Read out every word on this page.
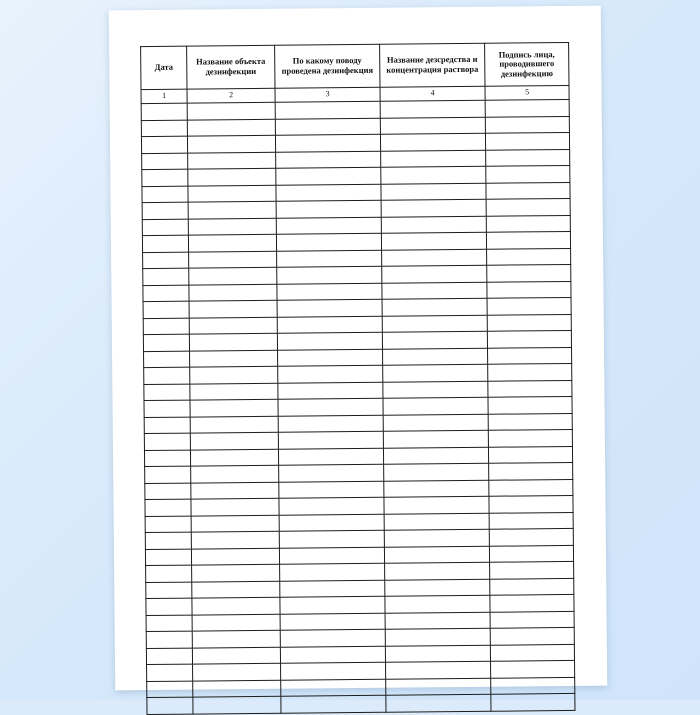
Дата	Название объекта дезинфекции	По какому поводу проведена дезинфекция	Название дезсредства и концентрация раствора	Подпись лица, проводившего дезинфекцию
1	2	3	4	5
